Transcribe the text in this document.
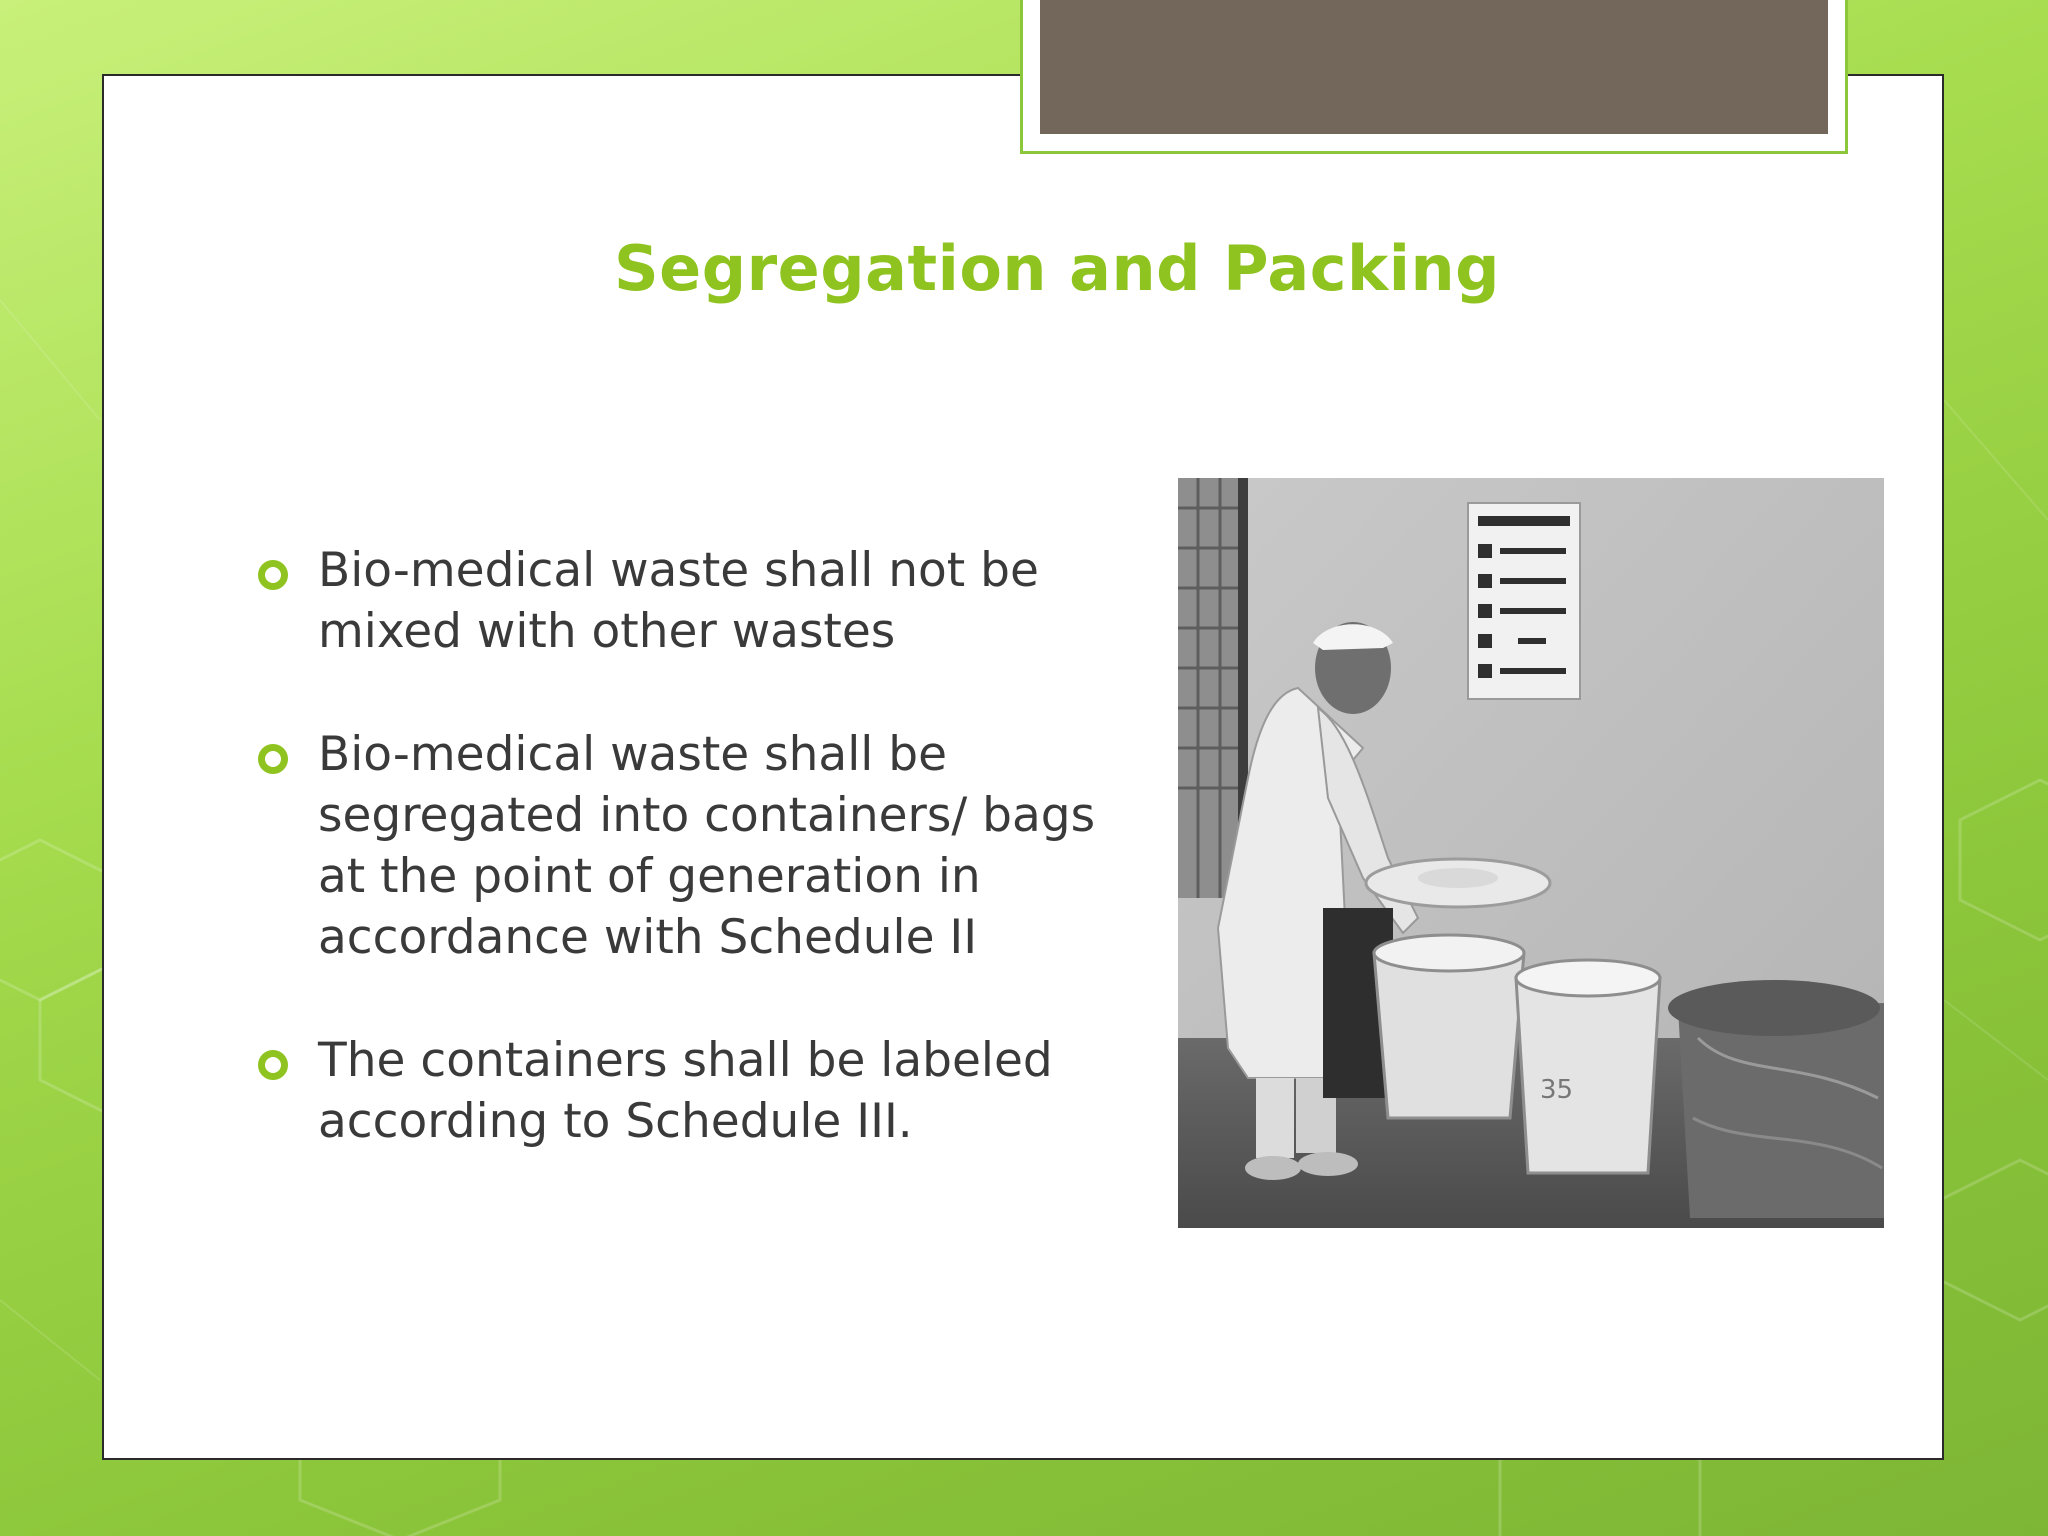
Segregation and Packing
Bio-medical waste shall not be mixed with other wastes
Bio-medical waste shall be segregated into containers/ bags at the point of generation in accordance with Schedule II
The containers shall be labeled according to Schedule III.
35
